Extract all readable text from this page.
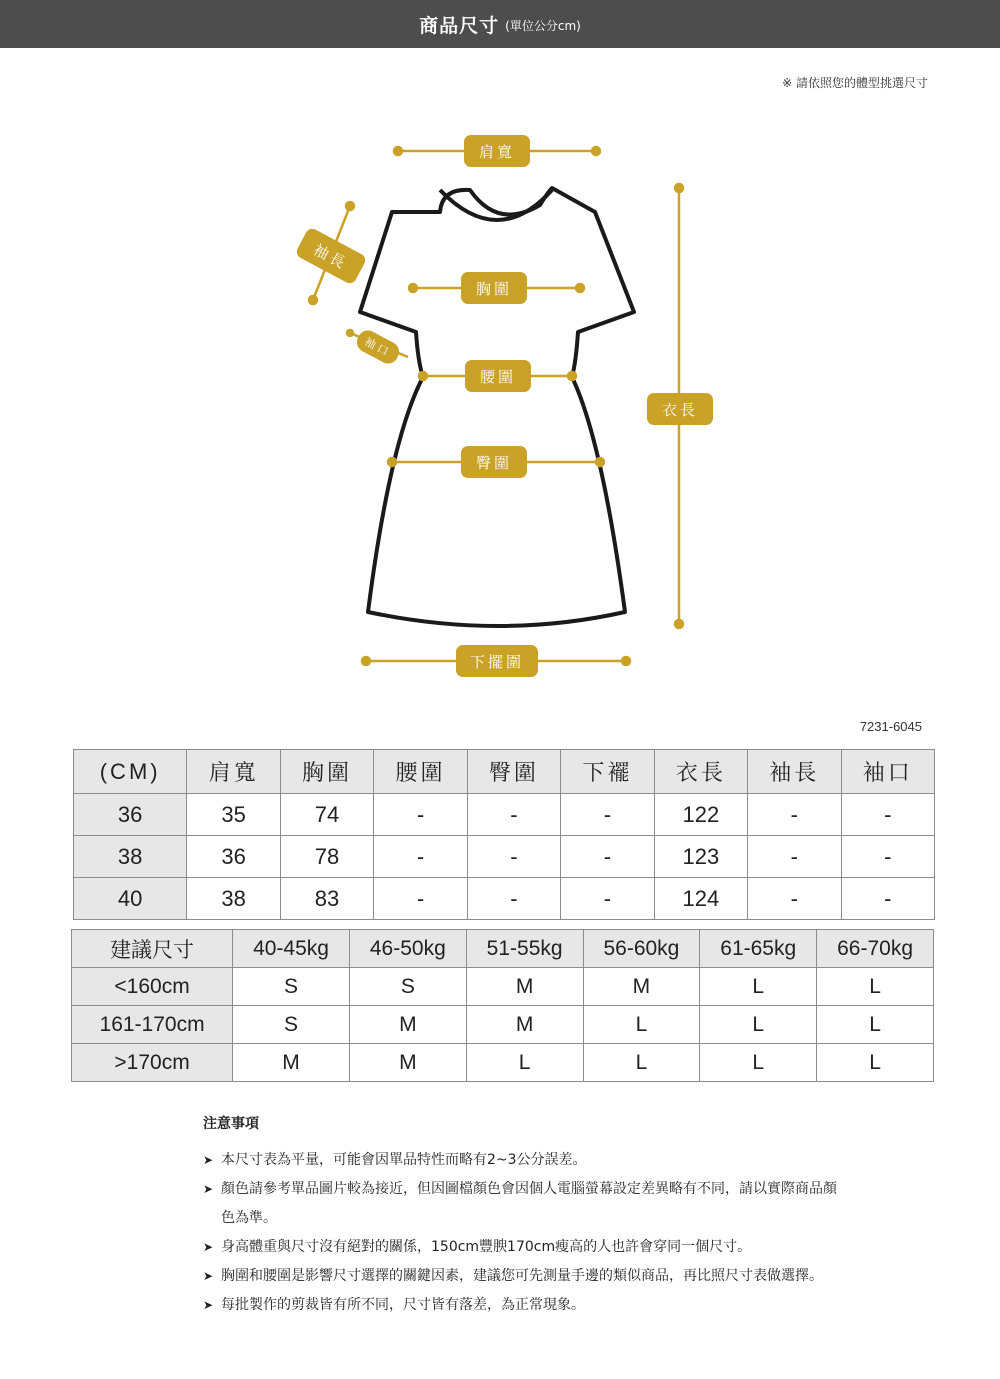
商品尺寸 (單位公分cm)
※ 請依照您的體型挑選尺寸
肩寬
袖長
袖口
胸圍
腰圍
臀圍
衣長
下擺圍
7231-6045
(CM)	肩寬	胸圍	腰圍	臀圍	下襬	衣長	袖長	袖口
36	35	74	-	-	-	122	-	-
38	36	78	-	-	-	123	-	-
40	38	83	-	-	-	124	-	-
建議尺寸	40-45kg	46-50kg	51-55kg	56-60kg	61-65kg	66-70kg
<160cm	S	S	M	M	L	L
161-170cm	S	M	M	L	L	L
>170cm	M	M	L	L	L	L
注意事項
➤ 本尺寸表為平量，可能會因單品特性而略有2~3公分誤差。
➤ 顏色請參考單品圖片較為接近，但因圖檔顏色會因個人電腦螢幕設定差異略有不同，請以實際商品顏色為準。
➤ 身高體重與尺寸沒有絕對的關係，150cm豐腴170cm瘦高的人也許會穿同一個尺寸。
➤ 胸圍和腰圍是影響尺寸選擇的關鍵因素，建議您可先測量手邊的類似商品，再比照尺寸表做選擇。
➤ 每批製作的剪裁皆有所不同，尺寸皆有落差，為正常現象。
